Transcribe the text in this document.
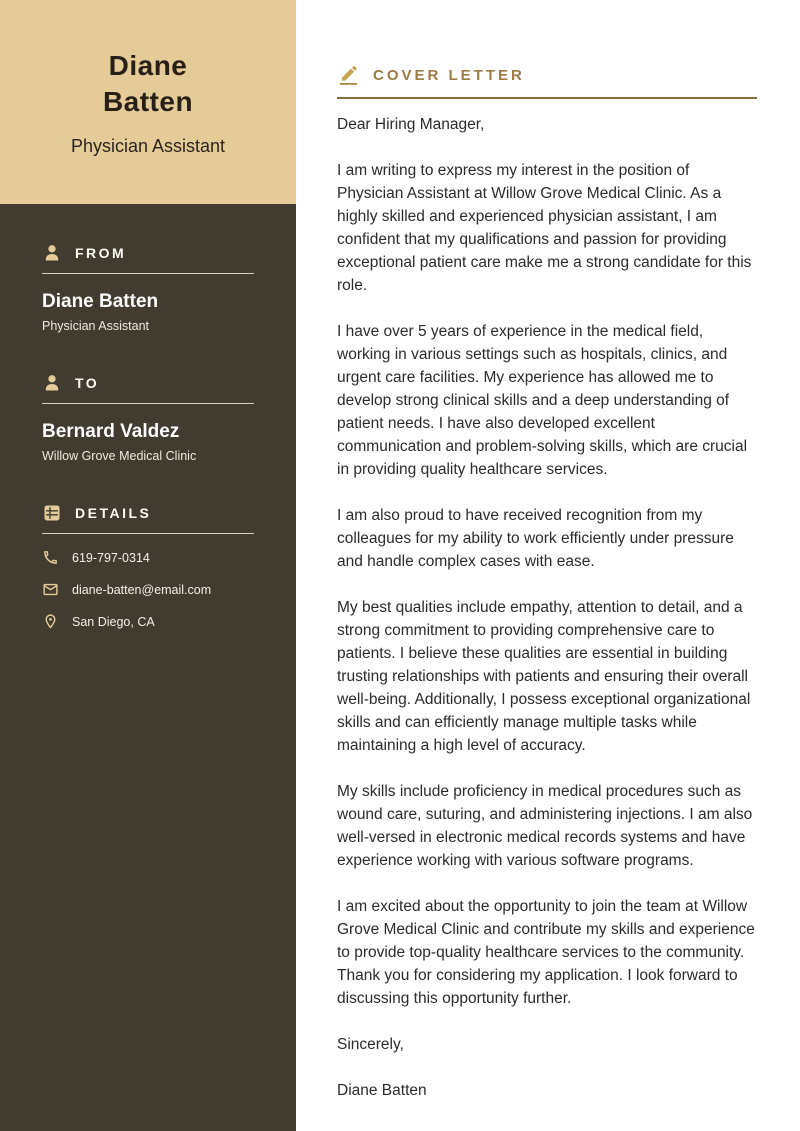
Diane Batten
Physician Assistant
FROM
Diane Batten
Physician Assistant
TO
Bernard Valdez
Willow Grove Medical Clinic
DETAILS
619-797-0314
diane-batten@email.com
San Diego, CA
COVER LETTER

Dear Hiring Manager,

I am writing to express my interest in the position of Physician Assistant at Willow Grove Medical Clinic. As a highly skilled and experienced physician assistant, I am confident that my qualifications and passion for providing exceptional patient care make me a strong candidate for this role.

I have over 5 years of experience in the medical field, working in various settings such as hospitals, clinics, and urgent care facilities. My experience has allowed me to develop strong clinical skills and a deep understanding of patient needs. I have also developed excellent communication and problem-solving skills, which are crucial in providing quality healthcare services.

I am also proud to have received recognition from my colleagues for my ability to work efficiently under pressure and handle complex cases with ease.

My best qualities include empathy, attention to detail, and a strong commitment to providing comprehensive care to patients. I believe these qualities are essential in building trusting relationships with patients and ensuring their overall well-being. Additionally, I possess exceptional organizational skills and can efficiently manage multiple tasks while maintaining a high level of accuracy.

My skills include proficiency in medical procedures such as wound care, suturing, and administering injections. I am also well-versed in electronic medical records systems and have experience working with various software programs.

I am excited about the opportunity to join the team at Willow Grove Medical Clinic and contribute my skills and experience to provide top-quality healthcare services to the community. Thank you for considering my application. I look forward to discussing this opportunity further.

Sincerely,

Diane Batten
